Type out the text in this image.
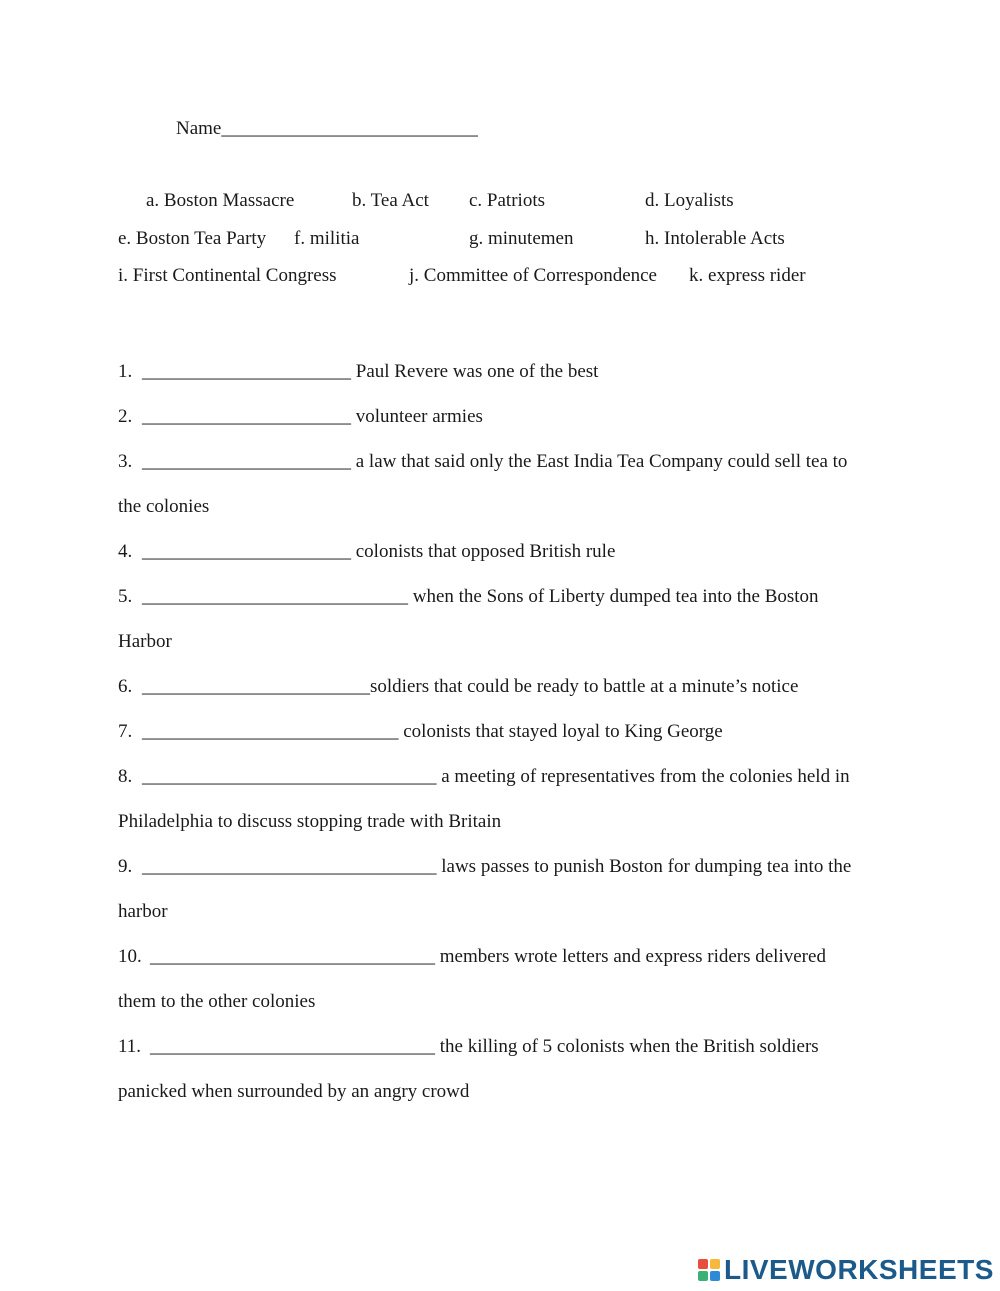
Name___________________________
a. Boston Massacre	b. Tea Act c. Patriots	d. Loyalists
e. Boston Tea Party f. militia	g. minutemen	h. Intolerable Acts
i. First Continental Congress	j. Committee of Correspondence k. express rider
1. ______________________ Paul Revere was one of the best
2. ______________________ volunteer armies
3. ______________________ a law that said only the East India Tea Company could sell tea to
the colonies
4. ______________________ colonists that opposed British rule
5. ____________________________ when the Sons of Liberty dumped tea into the Boston
Harbor
6. ________________________soldiers that could be ready to battle at a minute’s notice
7. ___________________________ colonists that stayed loyal to King George
8. _______________________________ a meeting of representatives from the colonies held in
Philadelphia to discuss stopping trade with Britain
9. _______________________________ laws passes to punish Boston for dumping tea into the
harbor
10. ______________________________ members wrote letters and express riders delivered
them to the other colonies
11. ______________________________ the killing of 5 colonists when the British soldiers
panicked when surrounded by an angry crowd
LIVEWORKSHEETS
